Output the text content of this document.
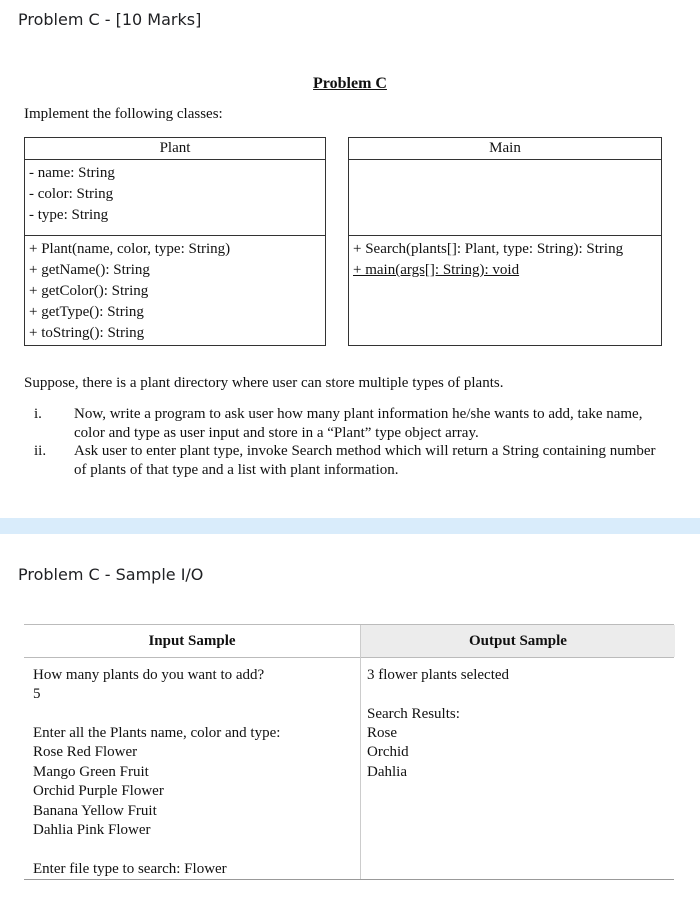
Problem C - [10 Marks]
Problem C
Implement the following classes:
Plant
- name: String
- color: String
- type: String
+ Plant(name, color, type: String)
+ getName(): String
+ getColor(): String
+ getType(): String
+ toString(): String
Main
+ Search(plants[]: Plant, type: String): String
+ main(args[]: String): void
Suppose, there is a plant directory where user can store multiple types of plants.
i. Now, write a program to ask user how many plant information he/she wants to add, take name, color and type as user input and store in a “Plant” type object array.
ii. Ask user to enter plant type, invoke Search method which will return a String containing number of plants of that type and a list with plant information.
Problem C - Sample I/O
Input Sample	Output Sample
How many plants do you want to add?
5
Enter all the Plants name, color and type:
Rose Red Flower
Mango Green Fruit
Orchid Purple Flower
Banana Yellow Fruit
Dahlia Pink Flower
Enter file type to search: Flower
3 flower plants selected
Search Results:
Rose
Orchid
Dahlia
